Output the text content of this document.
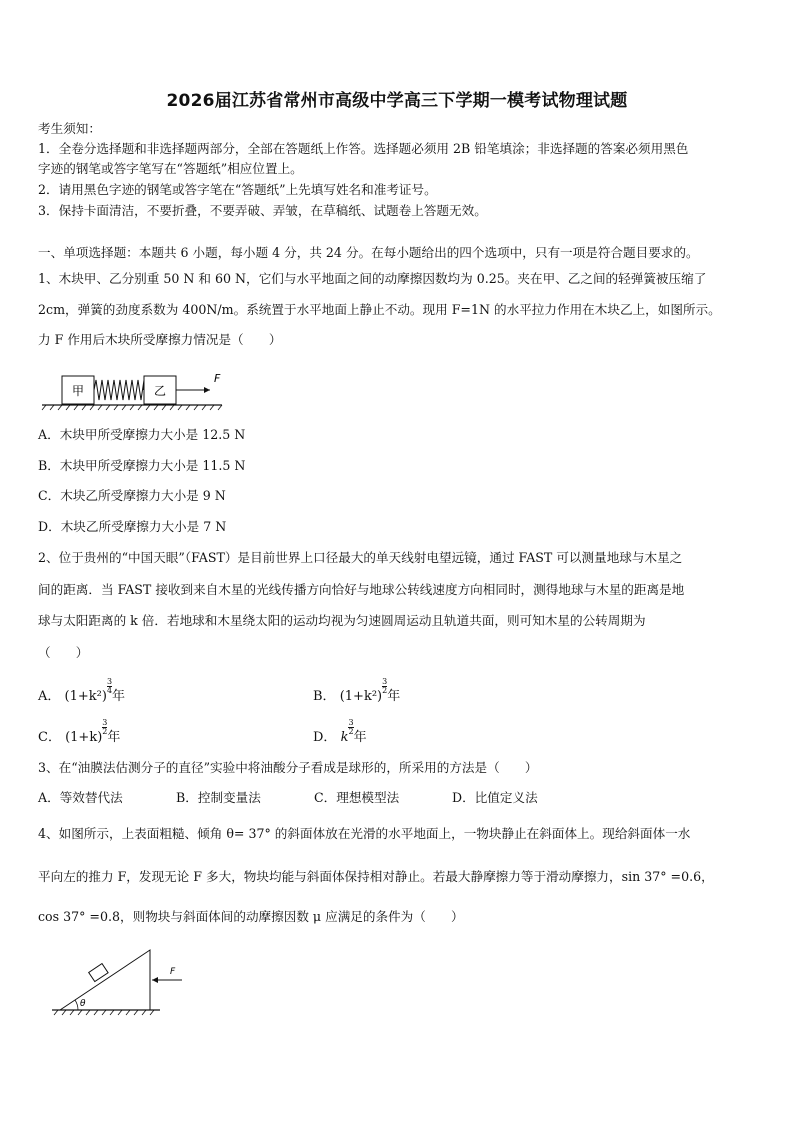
2026届江苏省常州市高级中学高三下学期一模考试物理试题
考生须知：
1．全卷分选择题和非选择题两部分，全部在答题纸上作答。选择题必须用 2B 铅笔填涂；非选择题的答案必须用黑色
字迹的钢笔或答字笔写在“答题纸”相应位置上。
2．请用黑色字迹的钢笔或答字笔在“答题纸”上先填写姓名和准考证号。
3．保持卡面清洁，不要折叠，不要弄破、弄皱，在草稿纸、试题卷上答题无效。
一、单项选择题：本题共 6 小题，每小题 4 分，共 24 分。在每小题给出的四个选项中，只有一项是符合题目要求的。
1、木块甲、乙分别重 50 N 和 60 N，它们与水平地面之间的动摩擦因数均为 0.25。夹在甲、乙之间的轻弹簧被压缩了
2cm，弹簧的劲度系数为 400N/m。系统置于水平地面上静止不动。现用 F=1N 的水平拉力作用在木块乙上，如图所示。
力 F 作用后木块所受摩擦力情况是（　　）
甲	乙
F
A．木块甲所受摩擦力大小是 12.5 N
B．木块甲所受摩擦力大小是 11.5 N
C．木块乙所受摩擦力大小是 9 N
D．木块乙所受摩擦力大小是 7 N
2、位于贵州的“中国天眼”（FAST）是目前世界上口径最大的单天线射电望远镜，通过 FAST 可以测量地球与木星之
间的距离．当 FAST 接收到来自木星的光线传播方向恰好与地球公转线速度方向相同时，测得地球与木星的距离是地
球与太阳距离的 k 倍．若地球和木星绕太阳的运动均视为匀速圆周运动且轨道共面，则可知木星的公转周期为
（　　）
A． (1+k²)
$\frac{3}{4}$
年	B． (1+k²)
$\frac{3}{2}$
年
C． (1+k)
$\frac{3}{2}$
年	D． k
$\frac{3}{2}$
年
3、在“油膜法估测分子的直径”实验中将油酸分子看成是球形的，所采用的方法是（　　）
A．等效替代法	B．控制变量法	C．理想模型法	D．比值定义法
4、如图所示，上表面粗糙、倾角 θ= 37° 的斜面体放在光滑的水平地面上，一物块静止在斜面体上。现给斜面体一水
平向左的推力 F，发现无论 F 多大，物块均能与斜面体保持相对静止。若最大静摩擦力等于滑动摩擦力，sin 37° =0.6，
cos 37° =0.8，则物块与斜面体间的动摩擦因数 μ 应满足的条件为（　　）
θ
F
